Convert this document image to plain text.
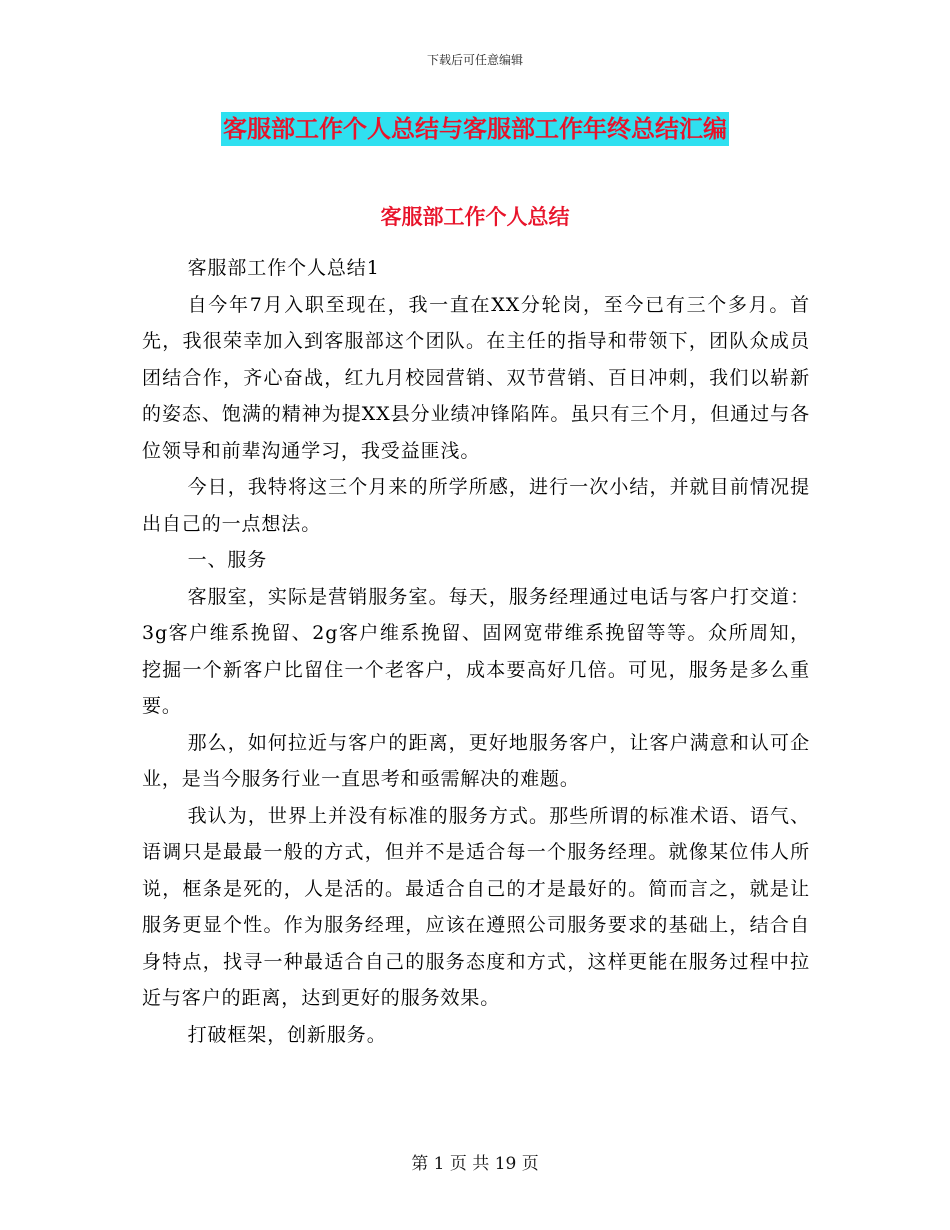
下载后可任意编辑
客服部工作个人总结与客服部工作年终总结汇编
客服部工作个人总结

客服部工作个人总结1

自今年7月入职至现在，我一直在XX分轮岗，至今已有三个多月。首先，我很荣幸加入到客服部这个团队。在主任的指导和带领下，团队众成员团结合作，齐心奋战，红九月校园营销、双节营销、百日冲刺，我们以崭新的姿态、饱满的精神为提XX县分业绩冲锋陷阵。虽只有三个月，但通过与各位领导和前辈沟通学习，我受益匪浅。

今日，我特将这三个月来的所学所感，进行一次小结，并就目前情况提出自己的一点想法。

一、服务

客服室，实际是营销服务室。每天，服务经理通过电话与客户打交道：3g客户维系挽留、2g客户维系挽留、固网宽带维系挽留等等。众所周知，挖掘一个新客户比留住一个老客户，成本要高好几倍。可见，服务是多么重要。

那么，如何拉近与客户的距离，更好地服务客户，让客户满意和认可企业，是当今服务行业一直思考和亟需解决的难题。

我认为，世界上并没有标准的服务方式。那些所谓的标准术语、语气、语调只是最最一般的方式，但并不是适合每一个服务经理。就像某位伟人所说，框条是死的，人是活的。最适合自己的才是最好的。简而言之，就是让服务更显个性。作为服务经理，应该在遵照公司服务要求的基础上，结合自身特点，找寻一种最适合自己的服务态度和方式，这样更能在服务过程中拉近与客户的距离，达到更好的服务效果。

打破框架，创新服务。

第 1 页 共 19 页
